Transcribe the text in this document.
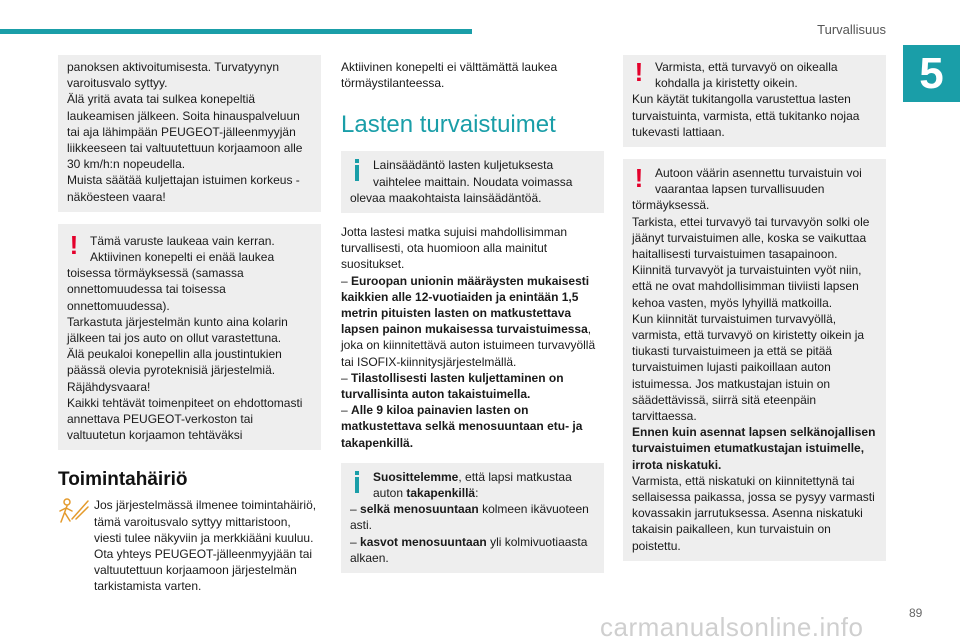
Turvallisuus
5

panoksen aktivoitumisesta. Turvatyynyn varoitusvalo syttyy.

Älä yritä avata tai sulkea konepeltiä laukeamisen jälkeen. Soita hinauspalveluun tai aja lähimpään PEUGEOT-jälleenmyyjän liikkeeseen tai valtuutettuun korjaamoon alle 30 km/h:n nopeudella.

Muista säätää kuljettajan istuimen korkeus - näköesteen vaara!

! Tämä varuste laukeaa vain kerran. Aktiivinen konepelti ei enää laukea

toisessa törmäyksessä (samassa onnettomuudessa tai toisessa onnettomuudessa).

Tarkastuta järjestelmän kunto aina kolarin jälkeen tai jos auto on ollut varastettuna.

Älä peukaloi konepellin alla joustintukien päässä olevia pyroteknisiä järjestelmiä.

Räjähdysvaara!

Kaikki tehtävät toimenpiteet on ehdottomasti annettava PEUGEOT-verkoston tai valtuutetun korjaamon tehtäväksi

Toimintahäiriö
Jos järjestelmässä ilmenee toimintahäiriö, tämä varoitusvalo syttyy mittaristoon, viesti tulee näkyviin ja merkkiääni kuuluu. Ota yhteys PEUGEOT-jälleenmyyjään tai valtuutettuun korjaamoon järjestelmän tarkistamista varten.

Aktiivinen konepelti ei välttämättä laukea törmäystilanteessa.

Lasten turvaistuimet
Lainsäädäntö lasten kuljetuksesta vaihtelee maittain. Noudata voimassa

olevaa maakohtaista lainsäädäntöä.

Jotta lastesi matka sujuisi mahdollisimman turvallisesti, ota huomioon alla mainitut suositukset.

– Euroopan unionin määräysten mukaisesti kaikkien alle 12-vuotiaiden ja enintään 1,5 metrin pituisten lasten on matkustettava lapsen painon mukaisessa turvaistuimessa, joka on kiinnitettävä auton istuimeen turvavyöllä tai ISOFIX-kiinnitysjärjestelmällä.

– Tilastollisesti lasten kuljettaminen on turvallisinta auton takaistuimella.

– Alle 9 kiloa painavien lasten on matkustettava selkä menosuuntaan etu- ja takapenkillä.

Suosittelemme, että lapsi matkustaa
auton takapenkillä:

– selkä menosuuntaan kolmeen ikävuoteen asti.

– kasvot menosuuntaan yli kolmivuotiaasta alkaen.

! Varmista, että turvavyö on oikealla kohdalla ja kiristetty oikein.

Kun käytät tukitangolla varustettua lasten turvaistuinta, varmista, että tukitanko nojaa tukevasti lattiaan.

! Autoon väärin asennettu turvaistuin voi vaarantaa lapsen turvallisuuden

törmäyksessä.

Tarkista, ettei turvavyö tai turvavyön solki ole jäänyt turvaistuimen alle, koska se vaikuttaa haitallisesti turvaistuimen tasapainoon.

Kiinnitä turvavyöt ja turvaistuinten vyöt niin, että ne ovat mahdollisimman tiiviisti lapsen kehoa vasten, myös lyhyillä matkoilla.

Kun kiinnität turvaistuimen turvavyöllä, varmista, että turvavyö on kiristetty oikein ja tiukasti turvaistuimeen ja että se pitää turvaistuimen lujasti paikoillaan auton istuimessa. Jos matkustajan istuin on säädettävissä, siirrä sitä eteenpäin tarvittaessa.

Ennen kuin asennat lapsen selkänojallisen turvaistuimen etumatkustajan istuimelle, irrota niskatuki.

Varmista, että niskatuki on kiinnitettynä tai sellaisessa paikassa, jossa se pysyy varmasti kovassakin jarrutuksessa. Asenna niskatuki takaisin paikalleen, kun turvaistuin on poistettu.

89
carmanualsonline.info
